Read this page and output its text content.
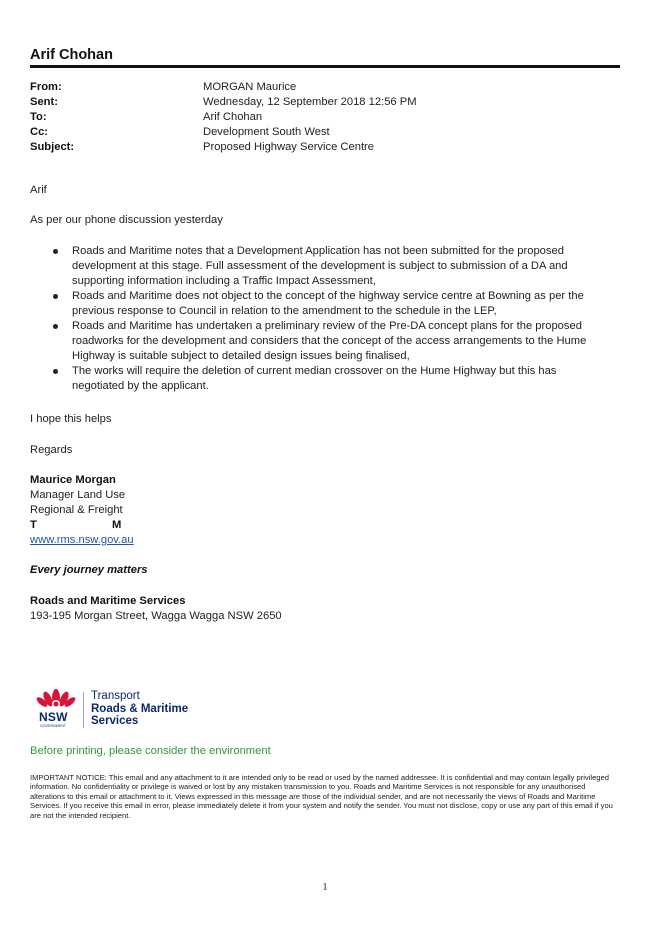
Arif Chohan
From:	MORGAN Maurice
Sent:	Wednesday, 12 September 2018 12:56 PM
To:	Arif Chohan
Cc:	Development South West
Subject:	Proposed Highway Service Centre
Arif
As per our phone discussion yesterday
Roads and Maritime notes that a Development Application has not been submitted for the proposed development at this stage. Full assessment of the development is subject to submission of a DA and supporting information including a Traffic Impact Assessment,
Roads and Maritime does not object to the concept of the highway service centre at Bowning as per the previous response to Council in relation to the amendment to the schedule in the LEP,
Roads and Maritime has undertaken a preliminary review of the Pre-DA concept plans for the proposed roadworks for the development and considers that the concept of the access arrangements to the Hume Highway is suitable subject to detailed design issues being finalised,
The works will require the deletion of current median crossover on the Hume Highway but this has negotiated by the applicant.
I hope this helps
Regards
Maurice Morgan
Manager Land Use
Regional & Freight
T	M
www.rms.nsw.gov.au
Every journey matters
Roads and Maritime Services
193-195 Morgan Street, Wagga Wagga NSW 2650
NSW
GOVERNMENT
Transport
Roads & Maritime
Services
Before printing, please consider the environment
IMPORTANT NOTICE: This email and any attachment to it are intended only to be read or used by the named addressee. It is confidential and may contain legally privileged information. No confidentiality or privilege is waived or lost by any mistaken transmission to you. Roads and Maritime Services is not responsible for any unauthorised alterations to this email or attachment to it. Views expressed in this message are those of the individual sender, and are not necessarily the views of Roads and Maritime Services. If you receive this email in error, please immediately delete it from your system and notify the sender. You must not disclose, copy or use any part of this email if you are not the intended recipient.
1
